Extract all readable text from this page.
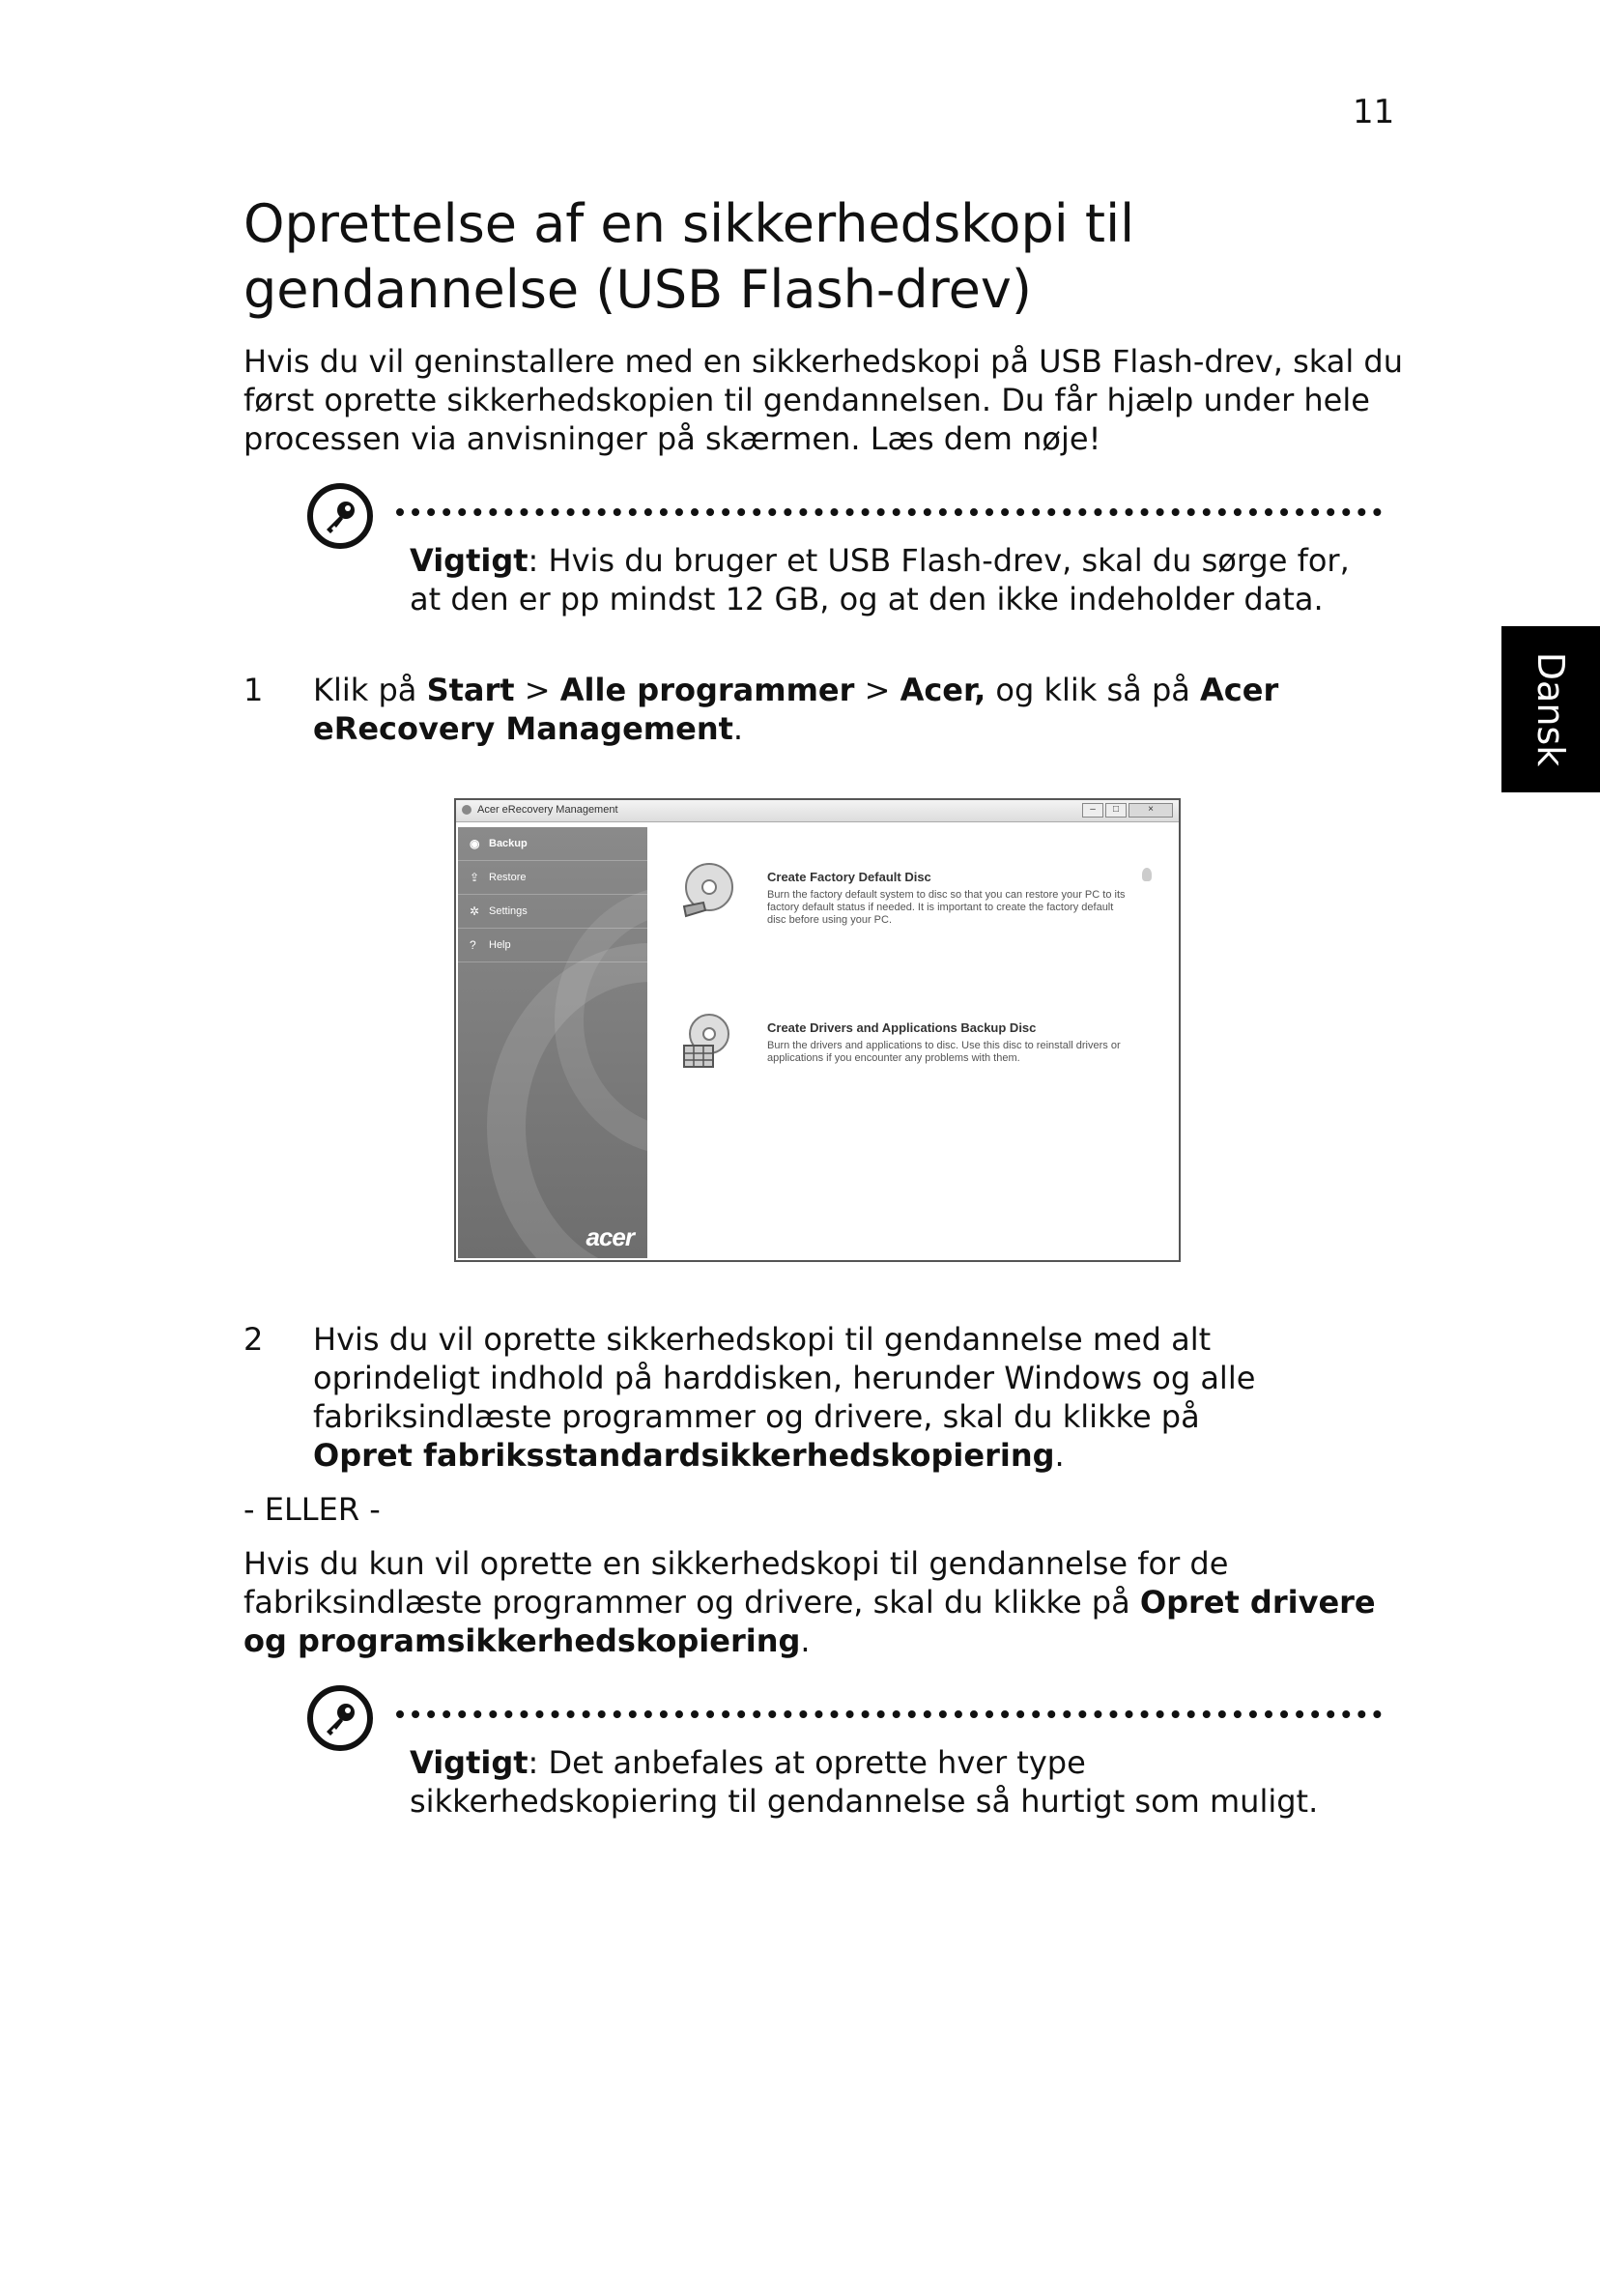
11
Dansk
Oprettelse af en sikkerhedskopi til
gendannelse (USB Flash-drev)

Hvis du vil geninstallere med en sikkerhedskopi på USB Flash-drev, skal du først oprette sikkerhedskopien til gendannelsen. Du får hjælp under hele processen via anvisninger på skærmen. Læs dem nøje!

Vigtigt: Hvis du bruger et USB Flash-drev, skal du sørge for, at den er pp mindst 12 GB, og at den ikke indeholder data.
1 Klik på Start > Alle programmer > Acer, og klik så på Acer eRecovery Management.
Acer eRecovery Management	–	□	×
◉ Backup
⇪ Restore
✲ Settings
?	Help
acer
Create Factory Default Disc
Burn the factory default system to disc so that you can restore your PC to its factory default status if needed. It is important to create the factory default disc before using your PC.
Create Drivers and Applications Backup Disc
Burn the drivers and applications to disc. Use this disc to reinstall drivers or applications if you encounter any problems with them.
2 Hvis du vil oprette sikkerhedskopi til gendannelse med alt oprindeligt indhold på harddisken, herunder Windows og alle fabriksindlæste programmer og drivere, skal du klikke på Opret fabriksstandardsikkerhedskopiering.
- ELLER -

Hvis du kun vil oprette en sikkerhedskopi til gendannelse for de fabriksindlæste programmer og drivere, skal du klikke på Opret drivere og programsikkerhedskopiering.

Vigtigt: Det anbefales at oprette hver type sikkerhedskopiering til gendannelse så hurtigt som muligt.
